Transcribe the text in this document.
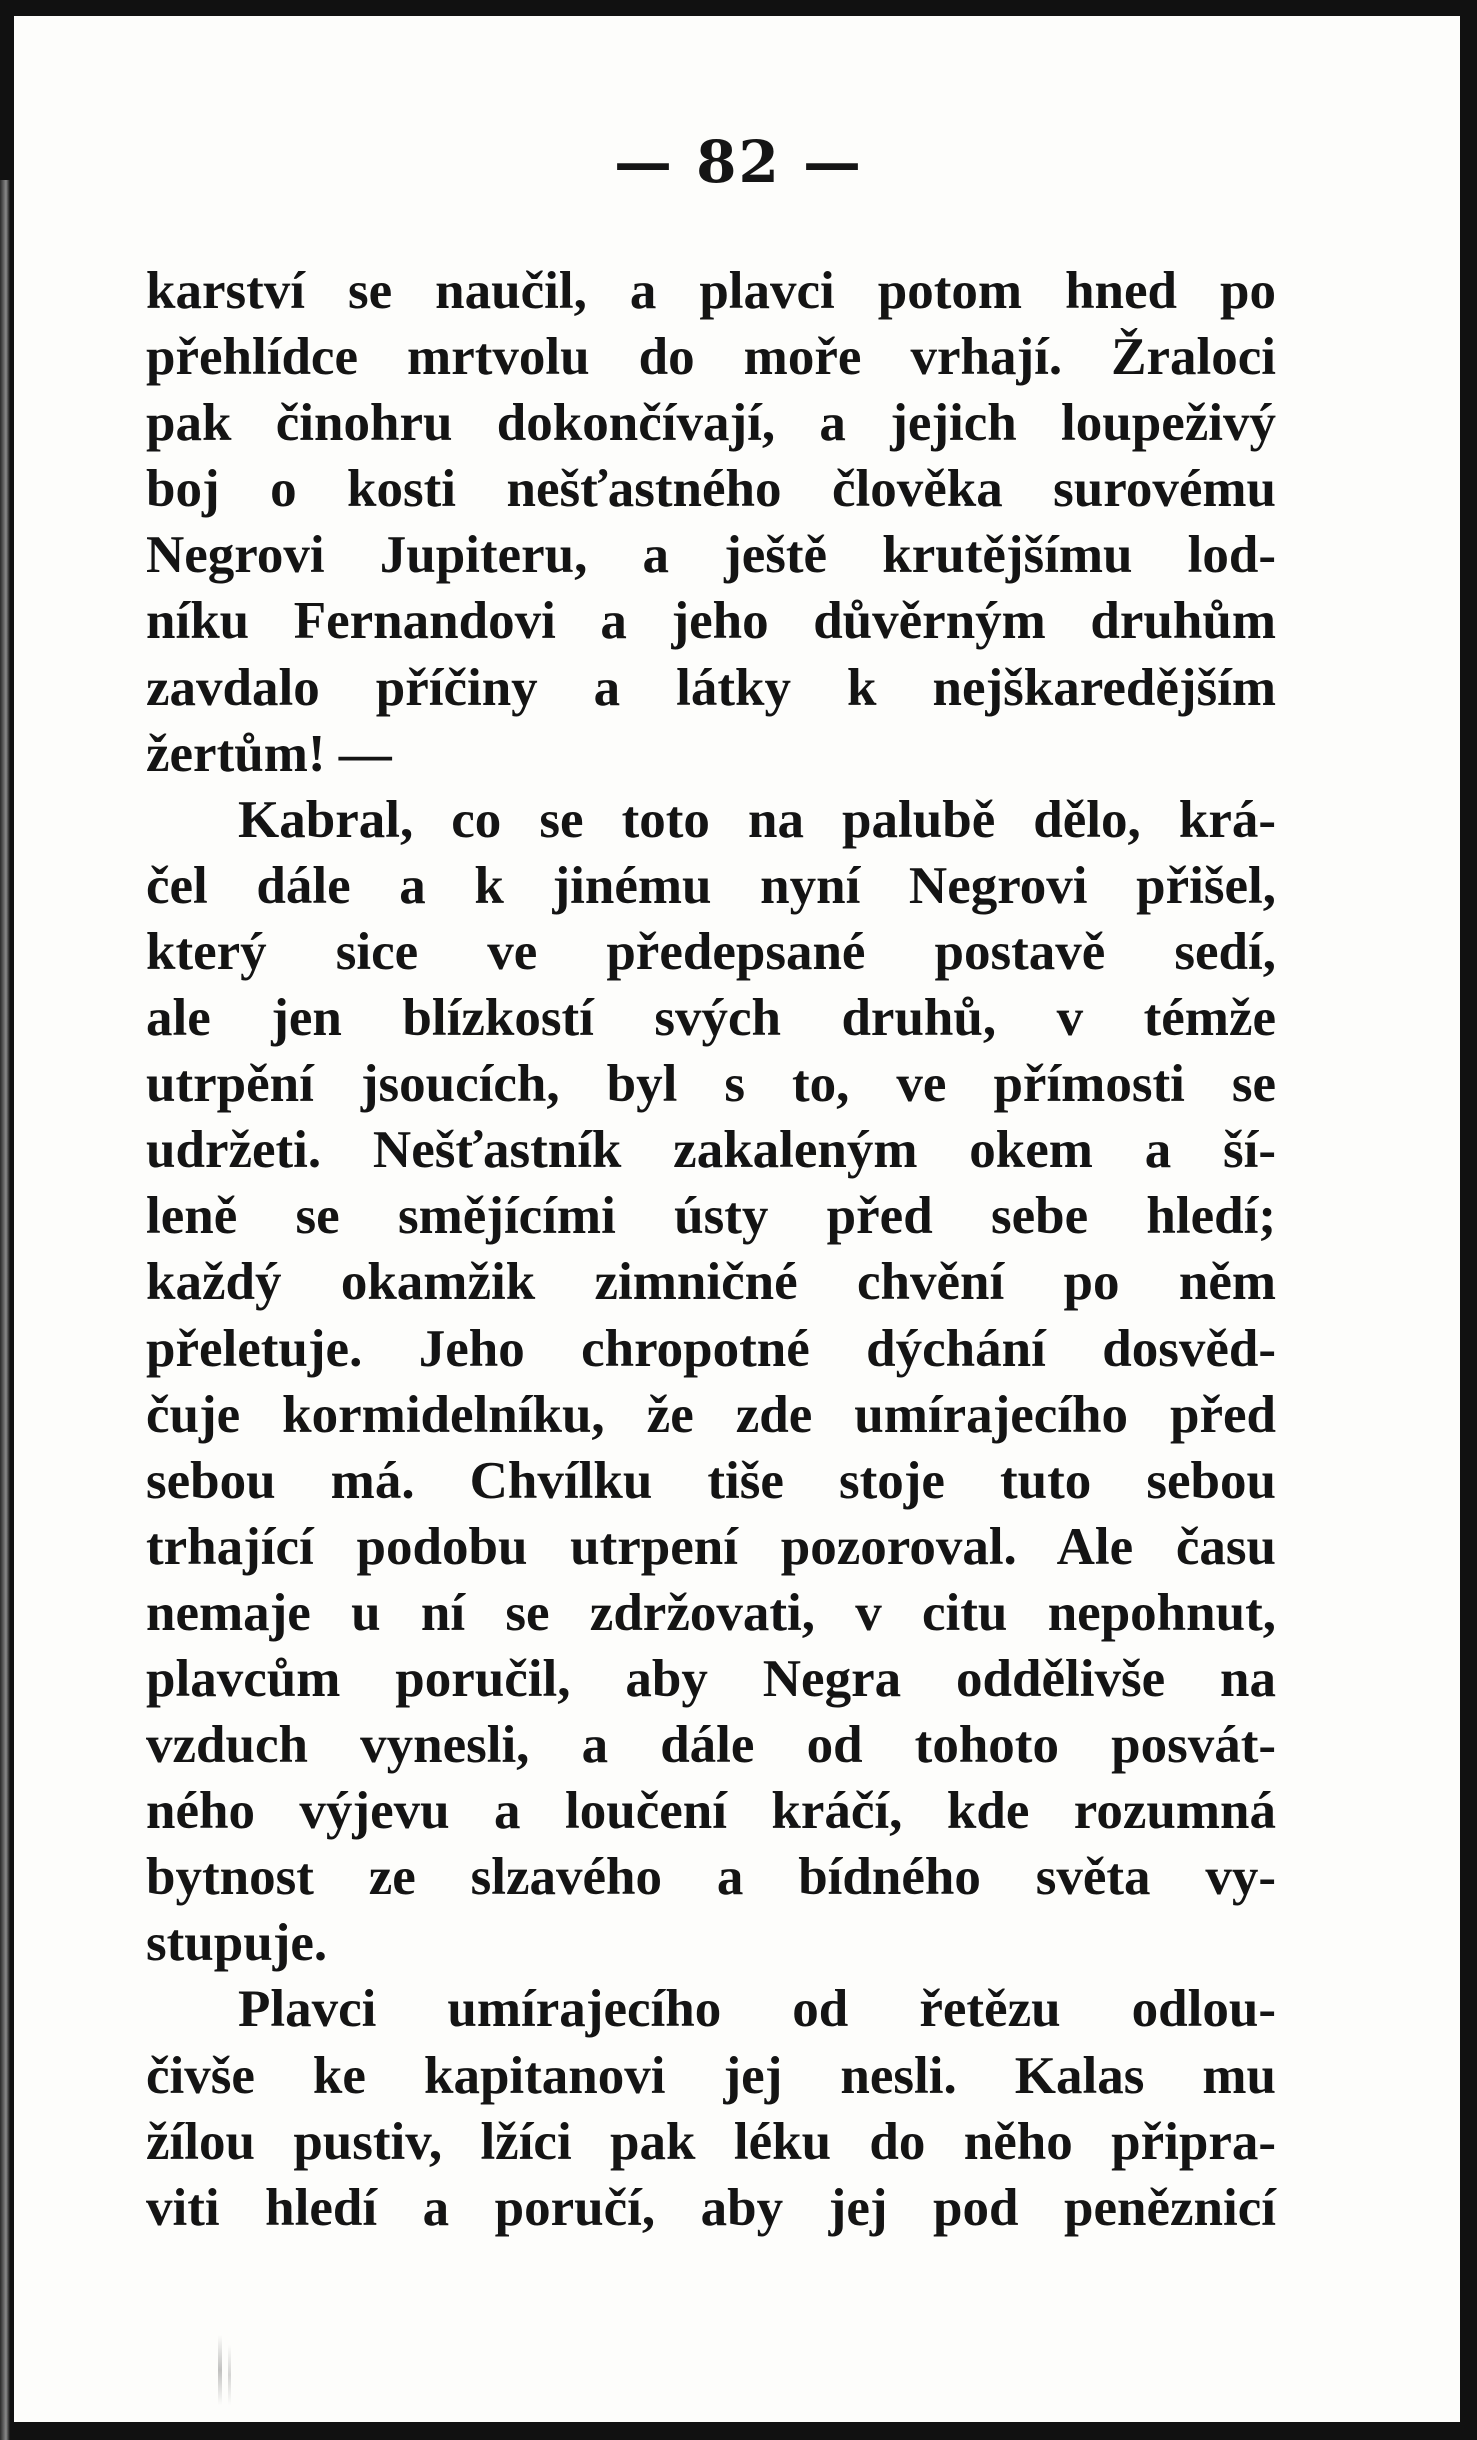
— 82 —
karství se naučil, a plavci potom hned po
přehlídce mrtvolu do moře vrhají. Žraloci
pak činohru dokončívají, a jejich loupeživý
boj o kosti nešťastného člověka surovému
Negrovi Jupiteru, a ještě krutějšímu lod-
níku Fernandovi a jeho důvěrným druhům
zavdalo příčiny a látky k nejškaredějším
žertům! —
Kabral, co se toto na palubě dělo, krá-
čel dále a k jinému nyní Negrovi přišel,
který sice ve předepsané postavě sedí,
ale jen blízkostí svých druhů, v témže
utrpění jsoucích, byl s to, ve přímosti se
udržeti. Nešťastník zakaleným okem a ší-
leně se smějícími ústy před sebe hledí;
každý okamžik zimničné chvění po něm
přeletuje. Jeho chropotné dýchání dosvěd-
čuje kormidelníku, že zde umírajecího před
sebou má. Chvílku tiše stoje tuto sebou
trhající podobu utrpení pozoroval. Ale času
nemaje u ní se zdržovati, v citu nepohnut,
plavcům poručil, aby Negra oddělivše na
vzduch vynesli, a dále od tohoto posvát-
ného výjevu a loučení kráčí, kde rozumná
bytnost ze slzavého a bídného světa vy-
stupuje.
Plavci umírajecího od řetězu odlou-
čivše ke kapitanovi jej nesli. Kalas mu
žílou pustiv, lžíci pak léku do něho připra-
viti hledí a poručí, aby jej pod peněznicí
